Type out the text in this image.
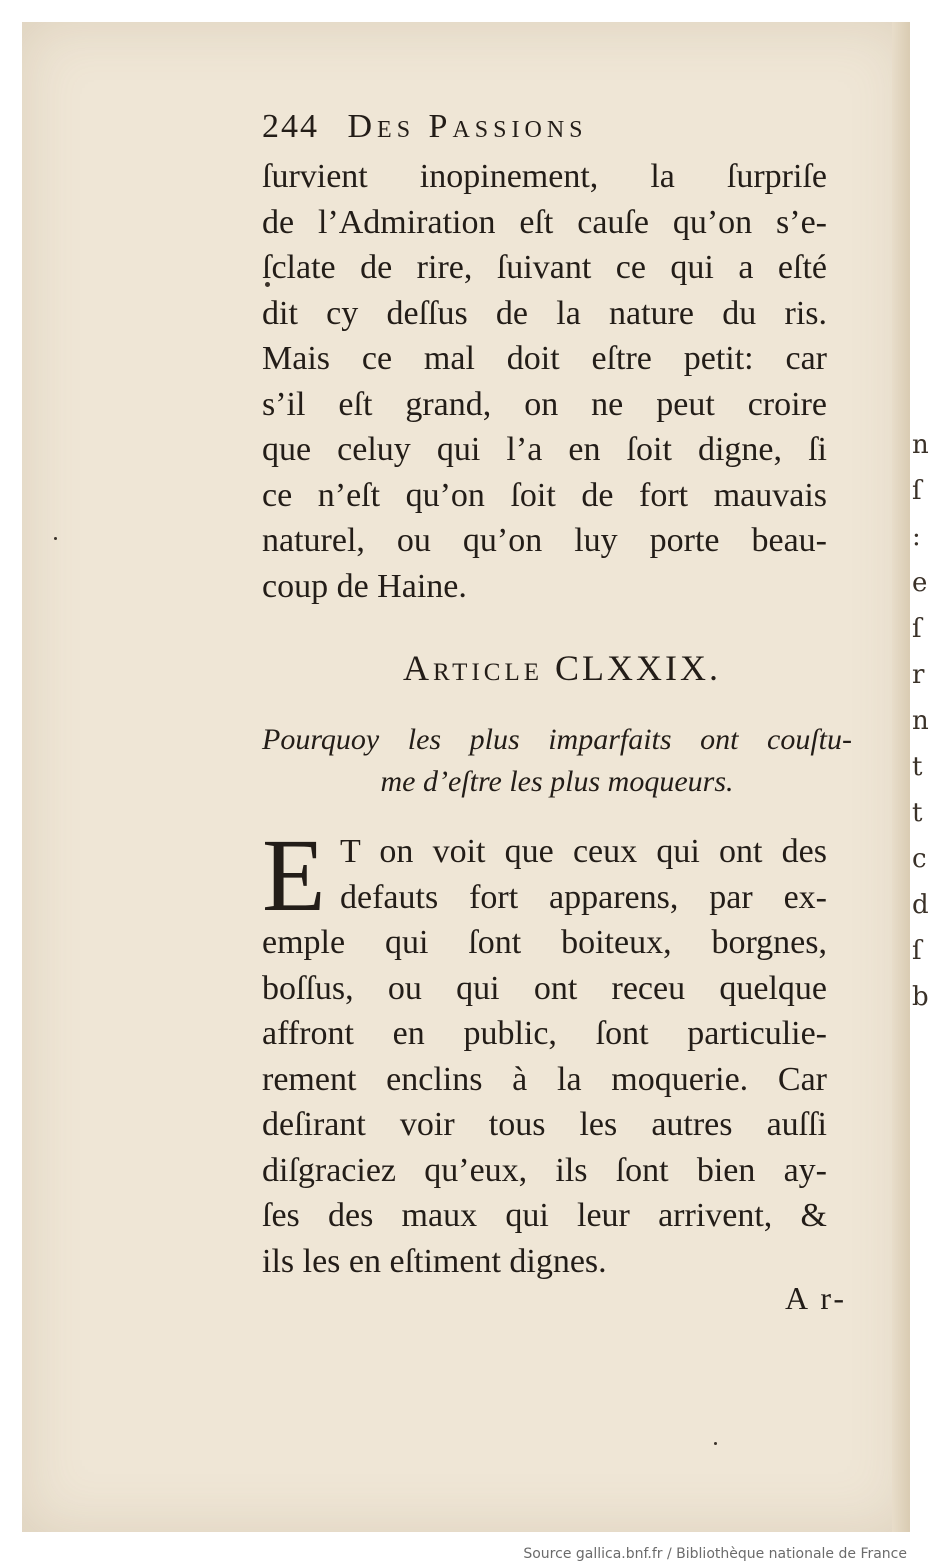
n
ſ
:
e
ſ
r
n
t
t
c
d
ſ
b
244 Des Passions
ſurvient inopinement, la ſurpriſe
de l’Admiration eſt cauſe qu’on s’e-
ſclate de rire, ſuivant ce qui a eſté
dit cy deſſus de la nature du ris.
Mais ce mal doit eſtre petit: car
s’il eſt grand, on ne peut croire
que celuy qui l’a en ſoit digne, ſi
ce n’eſt qu’on ſoit de fort mauvais
naturel, ou qu’on luy porte beau-
coup de Haine.
Article CLXXIX.
Pourquoy les plus imparfaits ont couſtu-
me d’eſtre les plus moqueurs.
E T on voit que ceux qui ont des
defauts fort apparens, par ex-
emple qui ſont boiteux, borgnes,
boſſus, ou qui ont receu quelque
affront en public, ſont particulie-
rement enclins à la moquerie. Car
deſirant voir tous les autres auſſi
diſgraciez qu’eux, ils ſont bien ay-
ſes des maux qui leur arrivent, &
ils les en eſtiment dignes.
A r-
Source gallica.bnf.fr / Bibliothèque nationale de France
